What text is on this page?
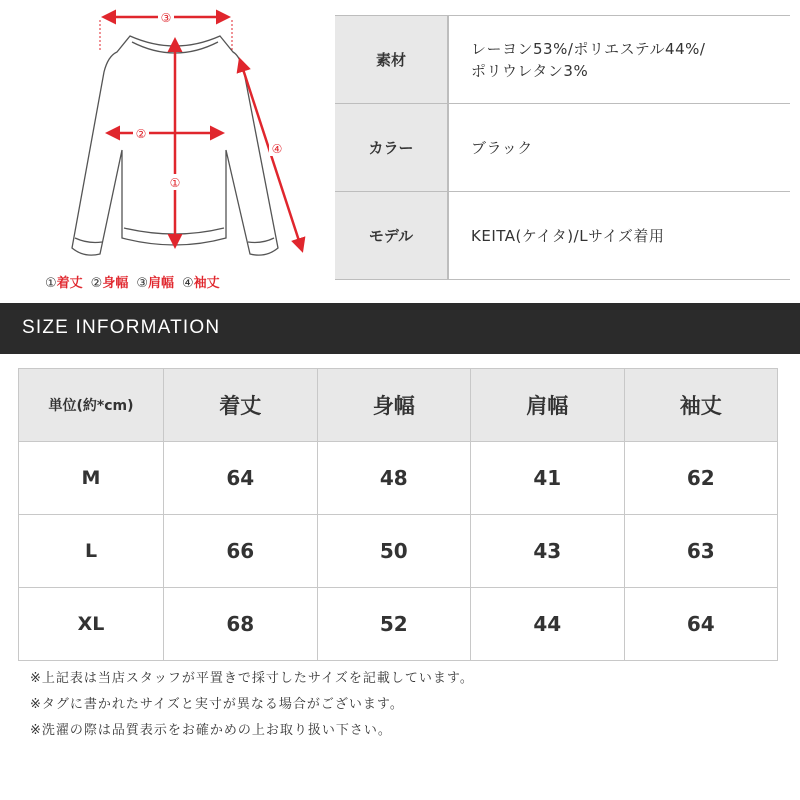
③
②
①
④
①着丈 ②身幅 ③肩幅 ④袖丈
素材	レーヨン53%/ポリエステル44%/
ポリウレタン3%

カラー	ブラック
モデル	KEITA(ケイタ)/Lサイズ着用
SIZE INFORMATION
単位(約*cm)	着丈	身幅	肩幅	袖丈
M	64	48	41	62
L	66	50	43	63
XL	68	52	44	64
※上記表は当店スタッフが平置きで採寸したサイズを記載しています。
※タグに書かれたサイズと実寸が異なる場合がございます。
※洗濯の際は品質表示をお確かめの上お取り扱い下さい。
